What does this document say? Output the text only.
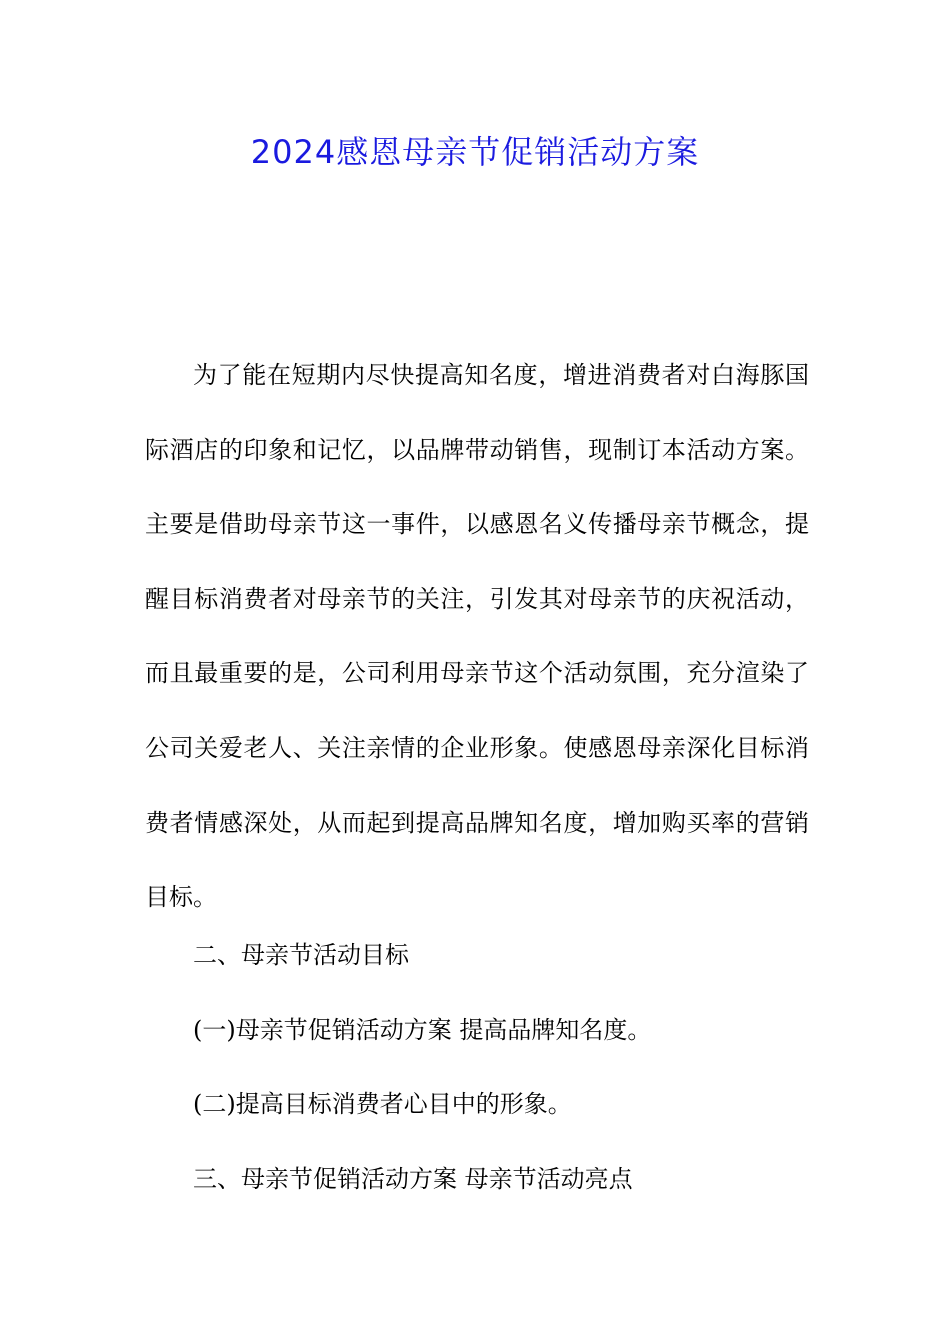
2024感恩母亲节促销活动方案

为了能在短期内尽快提高知名度，增进消费者对白海豚国际酒店的印象和记忆，以品牌带动销售，现制订本活动方案。主要是借助母亲节这一事件，以感恩名义传播母亲节概念，提醒目标消费者对母亲节的关注，引发其对母亲节的庆祝活动，而且最重要的是，公司利用母亲节这个活动氛围，充分渲染了公司关爱老人、关注亲情的企业形象。使感恩母亲深化目标消费者情感深处，从而起到提高品牌知名度，增加购买率的营销目标。

二、母亲节活动目标

(一)母亲节促销活动方案 提高品牌知名度。

(二)提高目标消费者心目中的形象。

三、母亲节促销活动方案 母亲节活动亮点
